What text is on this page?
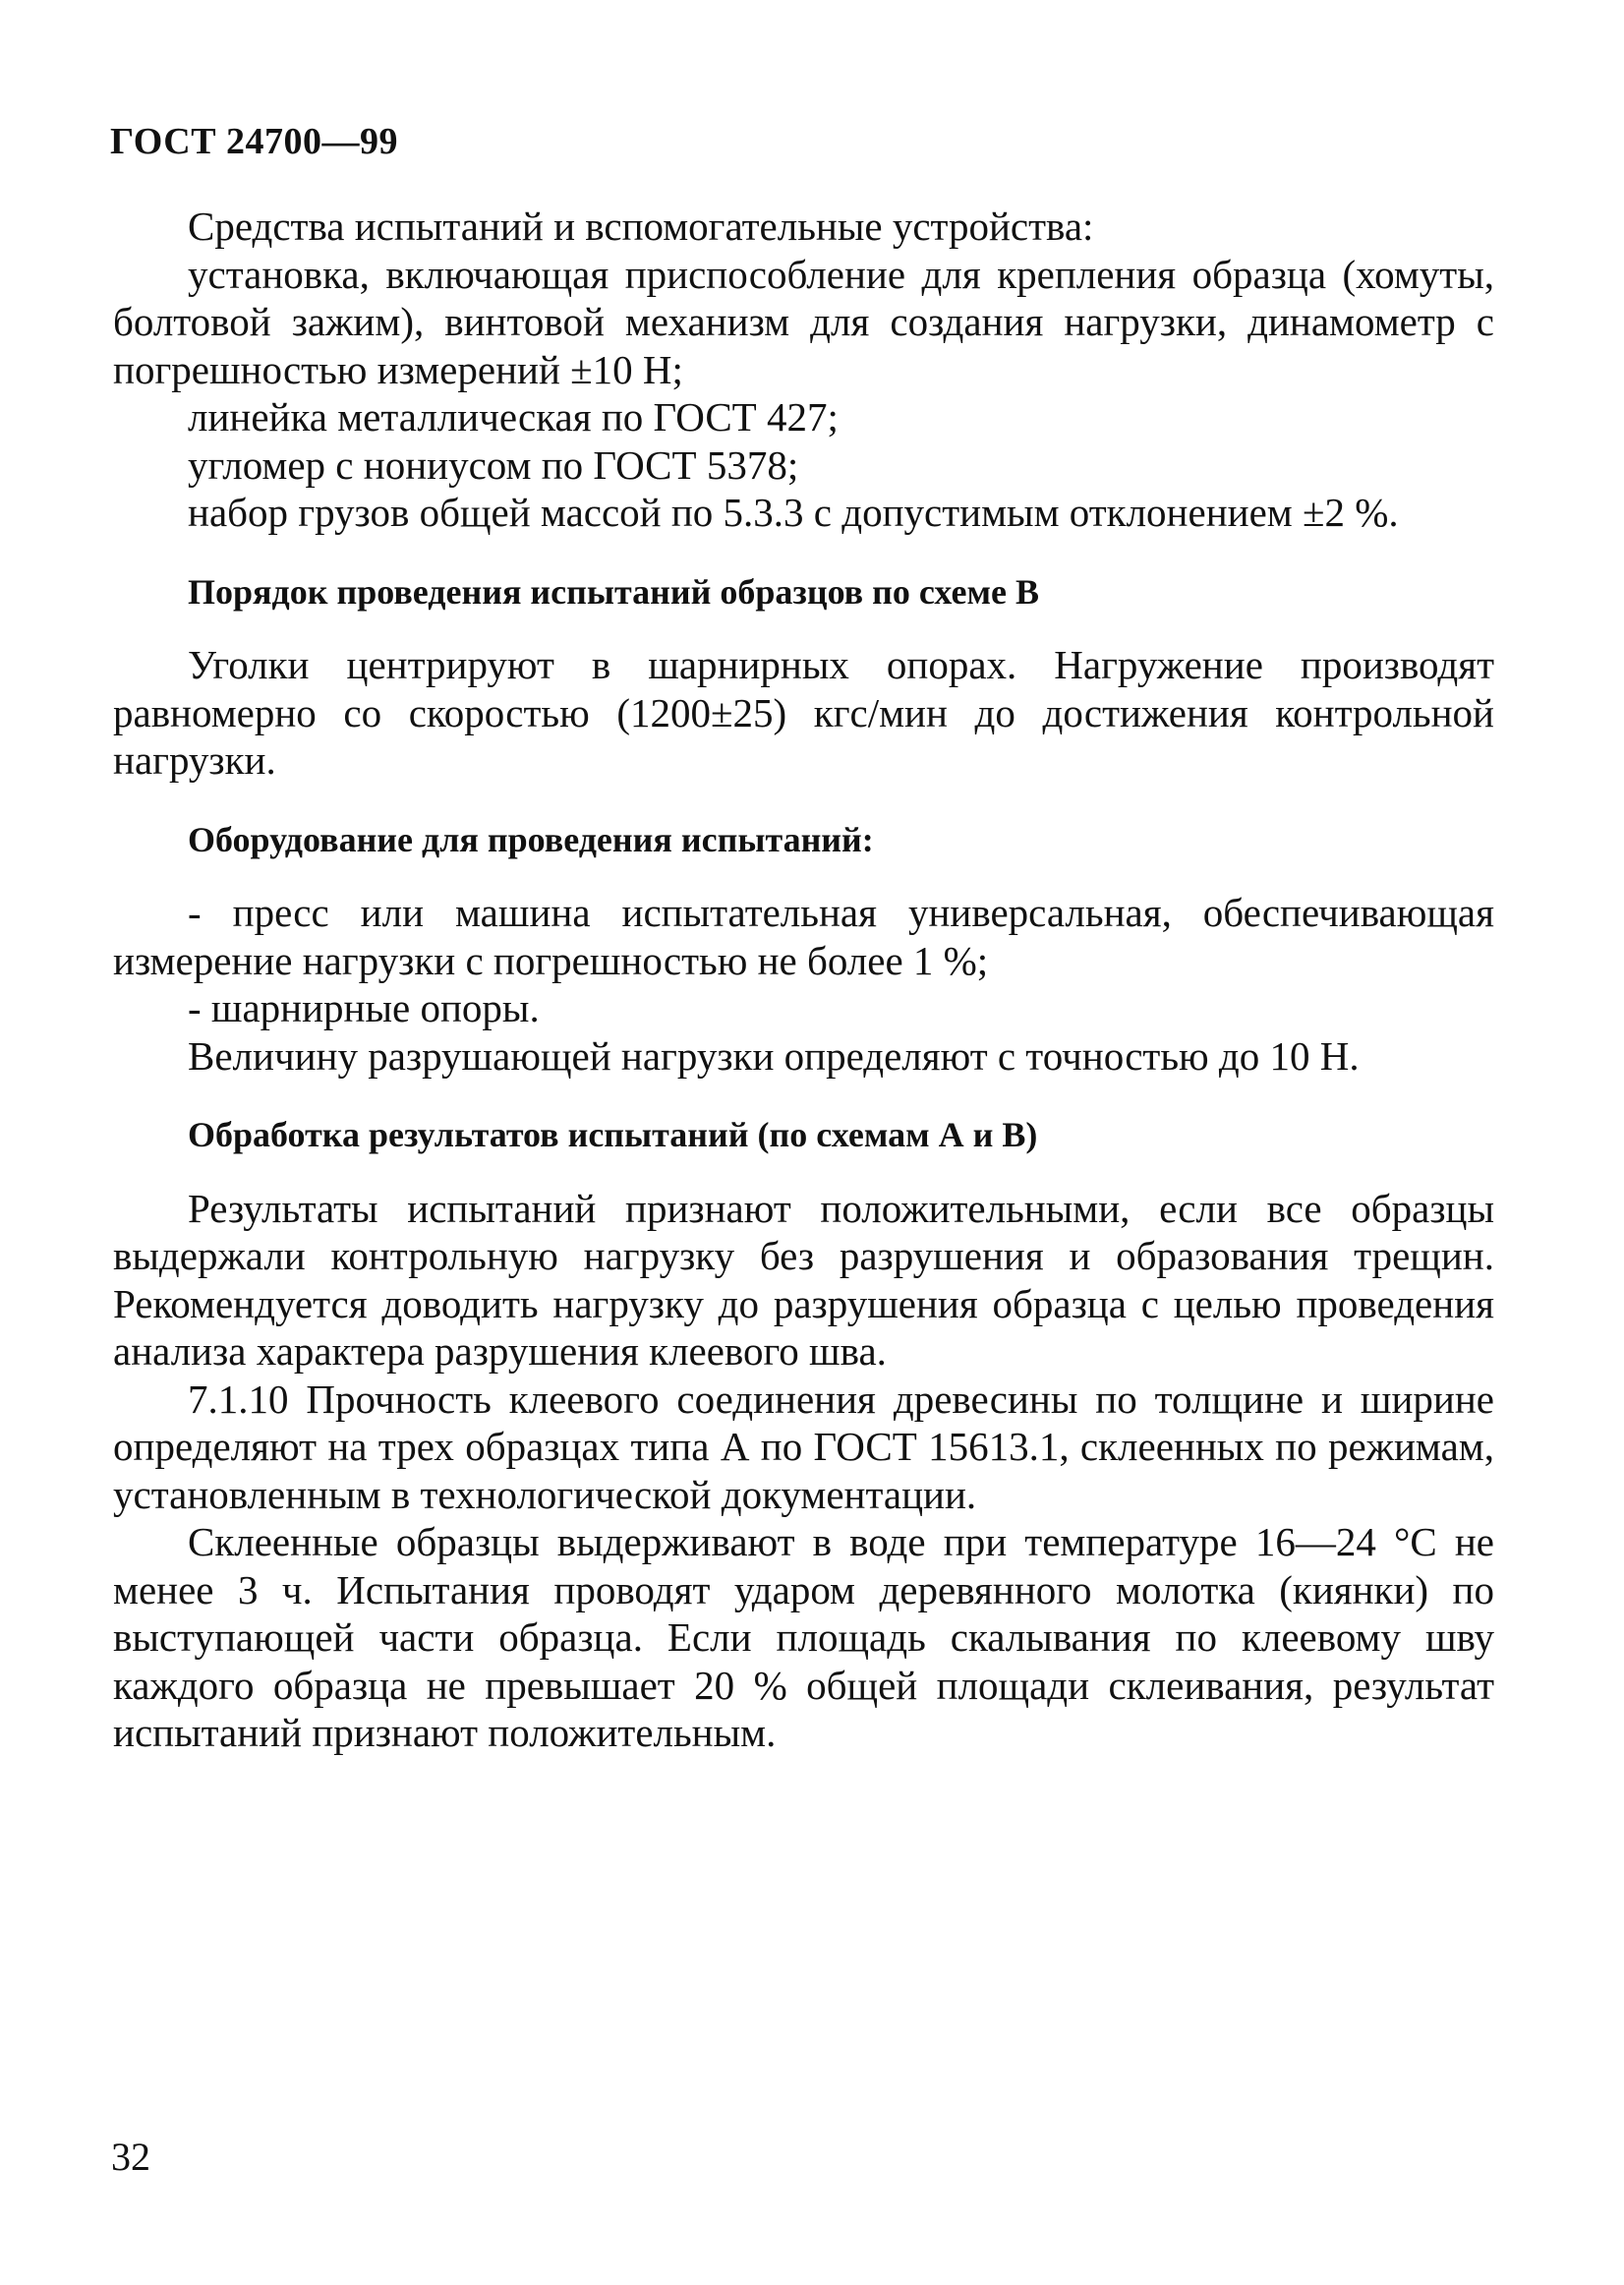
ГОСТ 24700—99

Средства испытаний и вспомогательные устройства:

установка, включающая приспособление для крепления образца (хомуты, болтовой зажим), винтовой механизм для создания нагрузки, динамометр с погрешностью измерений ±10 Н;

линейка металлическая по ГОСТ 427;

угломер с нониусом по ГОСТ 5378;

набор грузов общей массой по 5.3.3 с допустимым отклонением ±2 %.

Порядок проведения испытаний образцов по схеме В

Уголки центрируют в шарнирных опорах. Нагружение производят равномерно со скоростью (1200±25) кгс/мин до достижения контрольной нагрузки.

Оборудование для проведения испытаний:

- пресс или машина испытательная универсальная, обеспечивающая измерение нагрузки с погрешностью не более 1 %;

- шарнирные опоры.

Величину разрушающей нагрузки определяют с точностью до 10 Н.

Обработка результатов испытаний (по схемам А и В)

Результаты испытаний признают положительными, если все образцы выдержали контрольную нагрузку без разрушения и образования трещин. Рекомендуется доводить нагрузку до разрушения образца с целью проведения анализа характера разрушения клеевого шва.

7.1.10 Прочность клеевого соединения древесины по толщине и ширине определяют на трех образцах типа А по ГОСТ 15613.1, склеенных по режимам, установленным в технологической документации.

Склеенные образцы выдерживают в воде при температуре 16—24 °С не менее 3 ч. Испытания проводят ударом деревянного молотка (киянки) по выступающей части образца. Если площадь скалывания по клеевому шву каждого образца не превышает 20 % общей площади склеивания, результат испытаний признают положительным.

32
